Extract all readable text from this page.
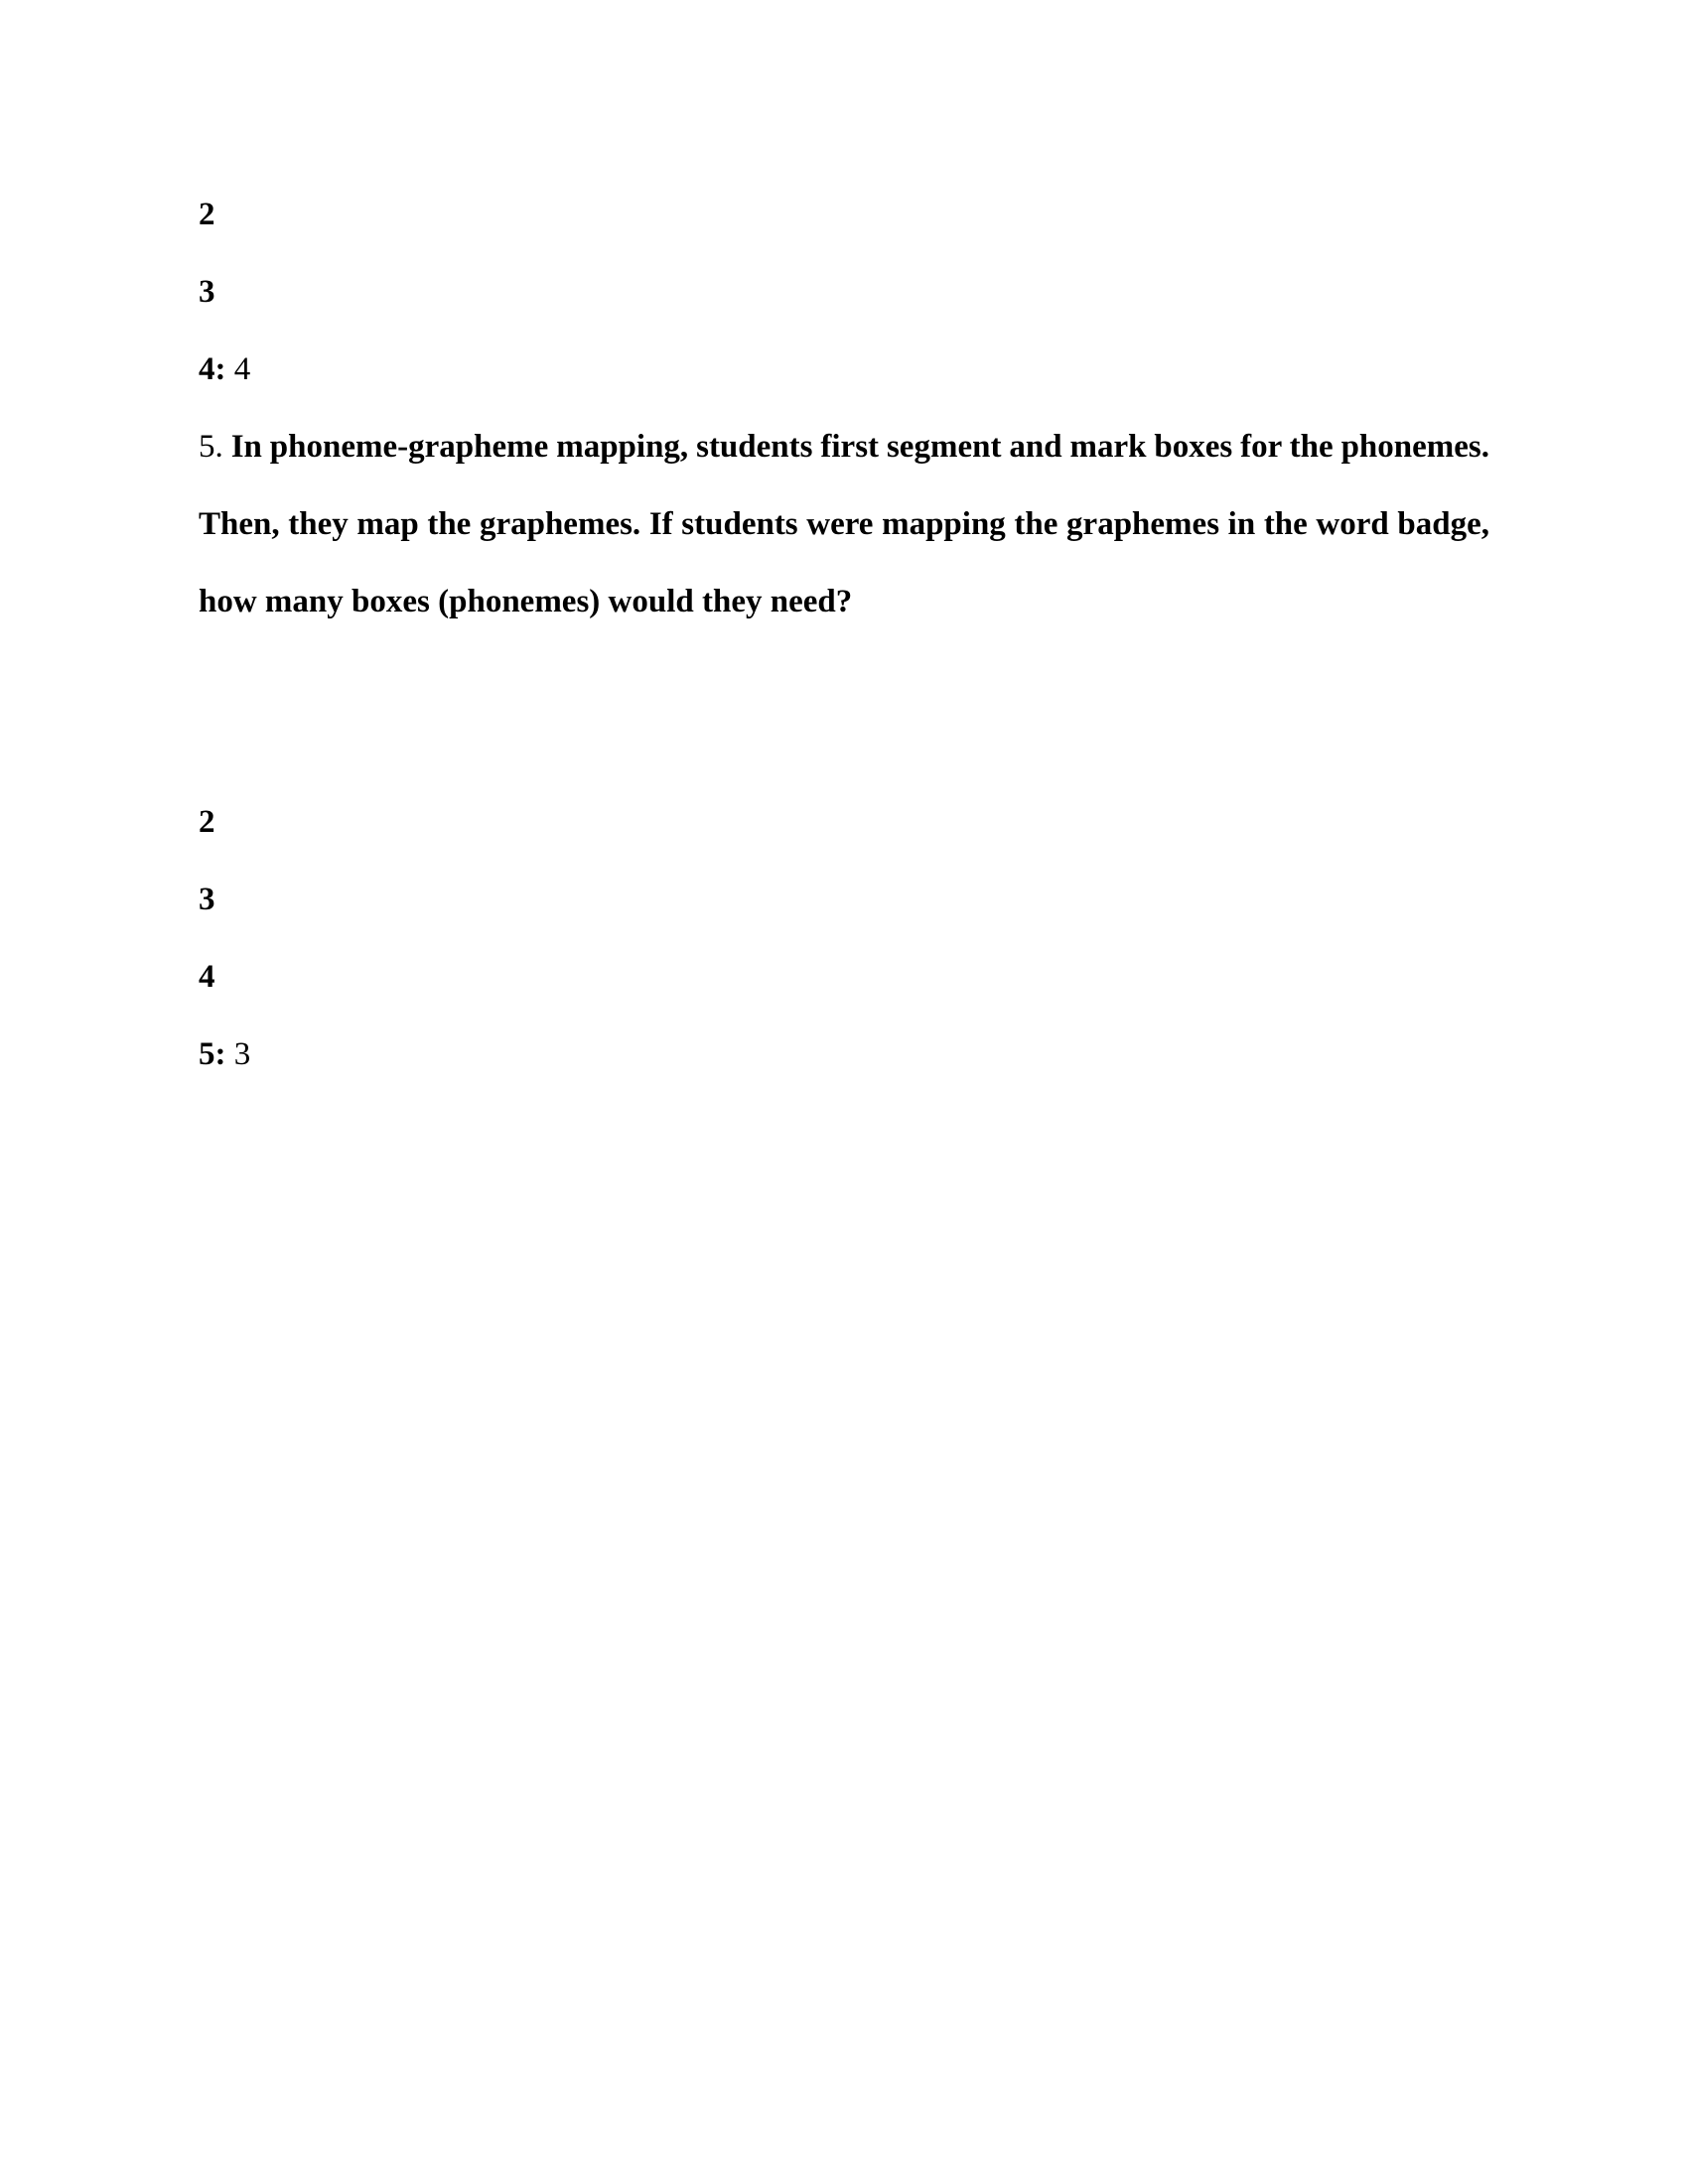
2
3
4: 4
5. In phoneme-grapheme mapping, students first segment and mark boxes for the phonemes.
Then, they map the graphemes. If students were mapping the graphemes in the word badge,
how many boxes (phonemes) would they need?
2
3
4
5: 3
